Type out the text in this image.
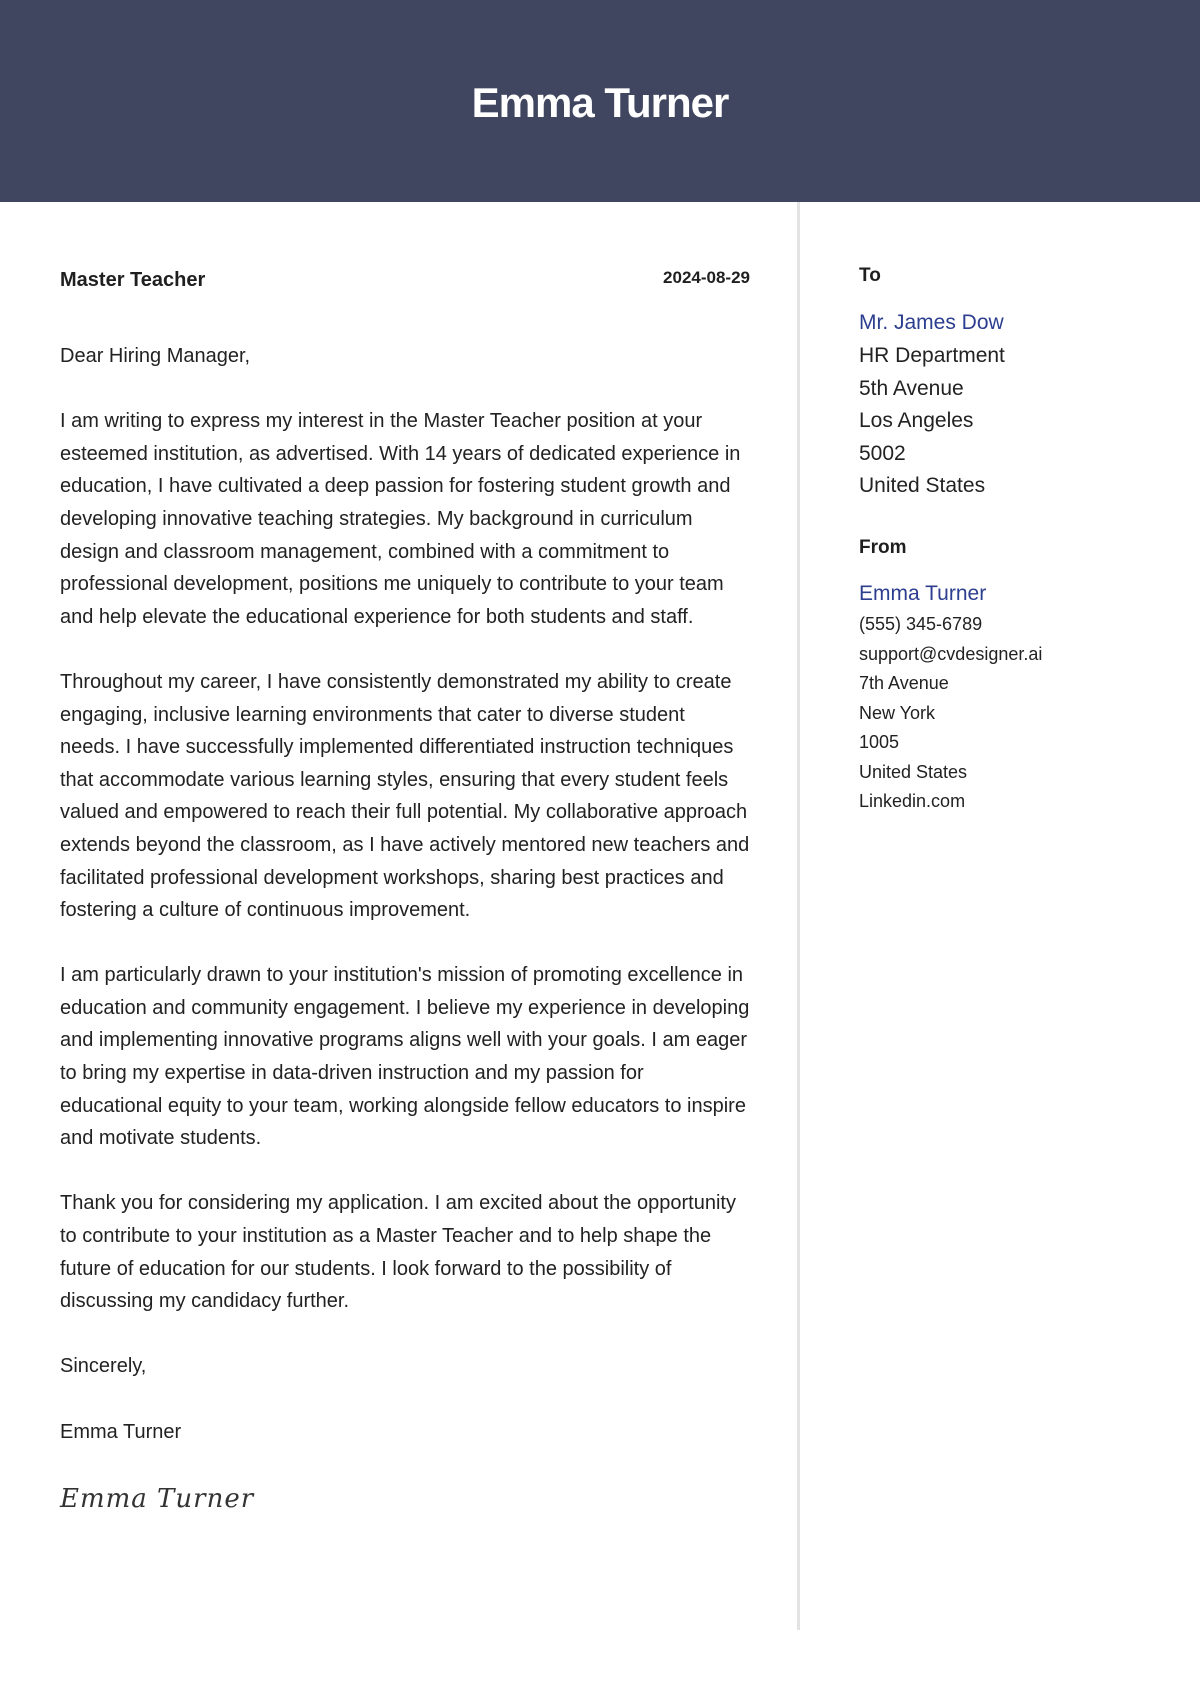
Emma Turner
Master Teacher	2024-08-29

Dear Hiring Manager,

I am writing to express my interest in the Master Teacher position at your esteemed institution, as advertised. With 14 years of dedicated experience in education, I have cultivated a deep passion for fostering student growth and developing innovative teaching strategies. My background in curriculum design and classroom management, combined with a commitment to professional development, positions me uniquely to contribute to your team and help elevate the educational experience for both students and staff.

Throughout my career, I have consistently demonstrated my ability to create engaging, inclusive learning environments that cater to diverse student needs. I have successfully implemented differentiated instruction techniques that accommodate various learning styles, ensuring that every student feels valued and empowered to reach their full potential. My collaborative approach extends beyond the classroom, as I have actively mentored new teachers and facilitated professional development workshops, sharing best practices and fostering a culture of continuous improvement.

I am particularly drawn to your institution's mission of promoting excellence in education and community engagement. I believe my experience in developing and implementing innovative programs aligns well with your goals. I am eager to bring my expertise in data-driven instruction and my passion for educational equity to your team, working alongside fellow educators to inspire and motivate students.

Thank you for considering my application. I am excited about the opportunity to contribute to your institution as a Master Teacher and to help shape the future of education for our students. I look forward to the possibility of discussing my candidacy further.

Sincerely,

Emma Turner

Emma Turner
To
Mr. James Dow
HR Department
5th Avenue
Los Angeles
5002
United States
From
Emma Turner
(555) 345-6789
support@cvdesigner.ai
7th Avenue
New York
1005
United States
Linkedin.com
